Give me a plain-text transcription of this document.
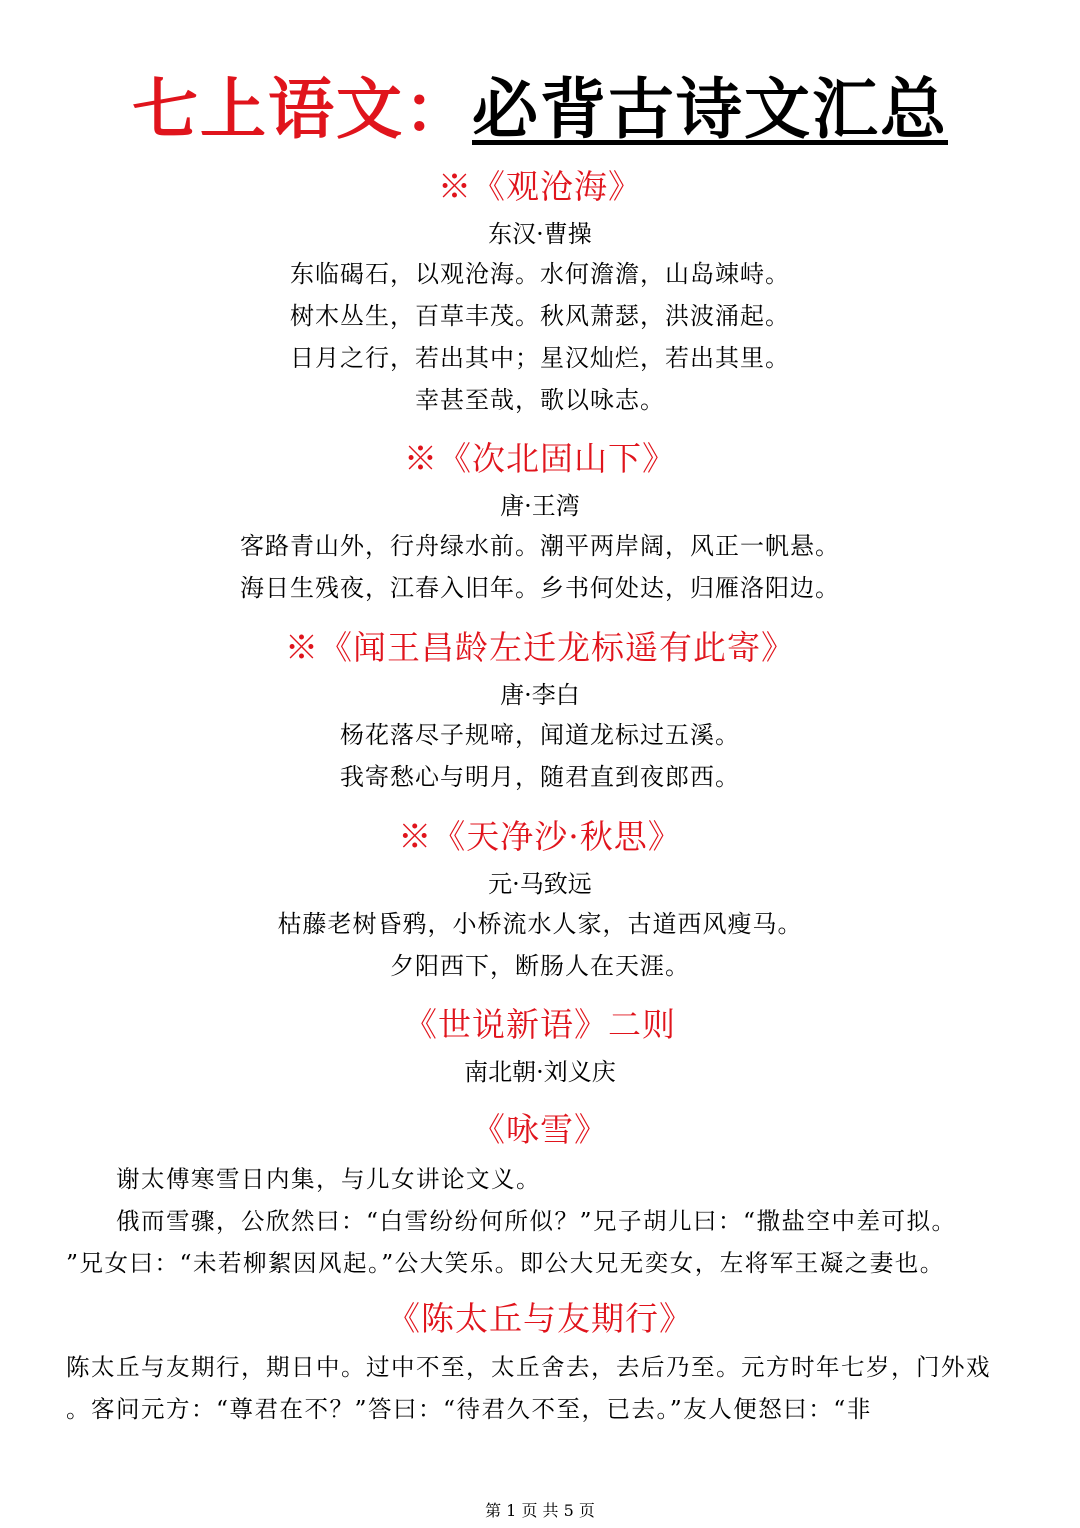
七上语文：必背古诗文汇总
※《观沧海》
东汉·曹操
东临碣石，以观沧海。水何澹澹，山岛竦峙。
树木丛生，百草丰茂。秋风萧瑟，洪波涌起。
日月之行，若出其中；星汉灿烂，若出其里。
幸甚至哉，歌以咏志。
※《次北固山下》
唐·王湾
客路青山外，行舟绿水前。潮平两岸阔，风正一帆悬。
海日生残夜，江春入旧年。乡书何处达，归雁洛阳边。
※《闻王昌龄左迁龙标遥有此寄》
唐·李白
杨花落尽子规啼，闻道龙标过五溪。
我寄愁心与明月，随君直到夜郎西。
※《天净沙·秋思》
元·马致远
枯藤老树昏鸦，小桥流水人家，古道西风瘦马。
夕阳西下，断肠人在天涯。
《世说新语》二则
南北朝·刘义庆
《咏雪》
谢太傅寒雪日内集，与儿女讲论文义。
俄而雪骤，公欣然曰：“白雪纷纷何所似？”兄子胡儿曰：“撒盐空中差可拟。
”兄女曰：“未若柳絮因风起。”公大笑乐。即公大兄无奕女，左将军王凝之妻也。
《陈太丘与友期行》
陈太丘与友期行，期日中。过中不至，太丘舍去，去后乃至。元方时年七岁，门外戏
。客问元方：“尊君在不？”答曰：“待君久不至，已去。”友人便怒曰：“非
第 1 页 共 5 页
